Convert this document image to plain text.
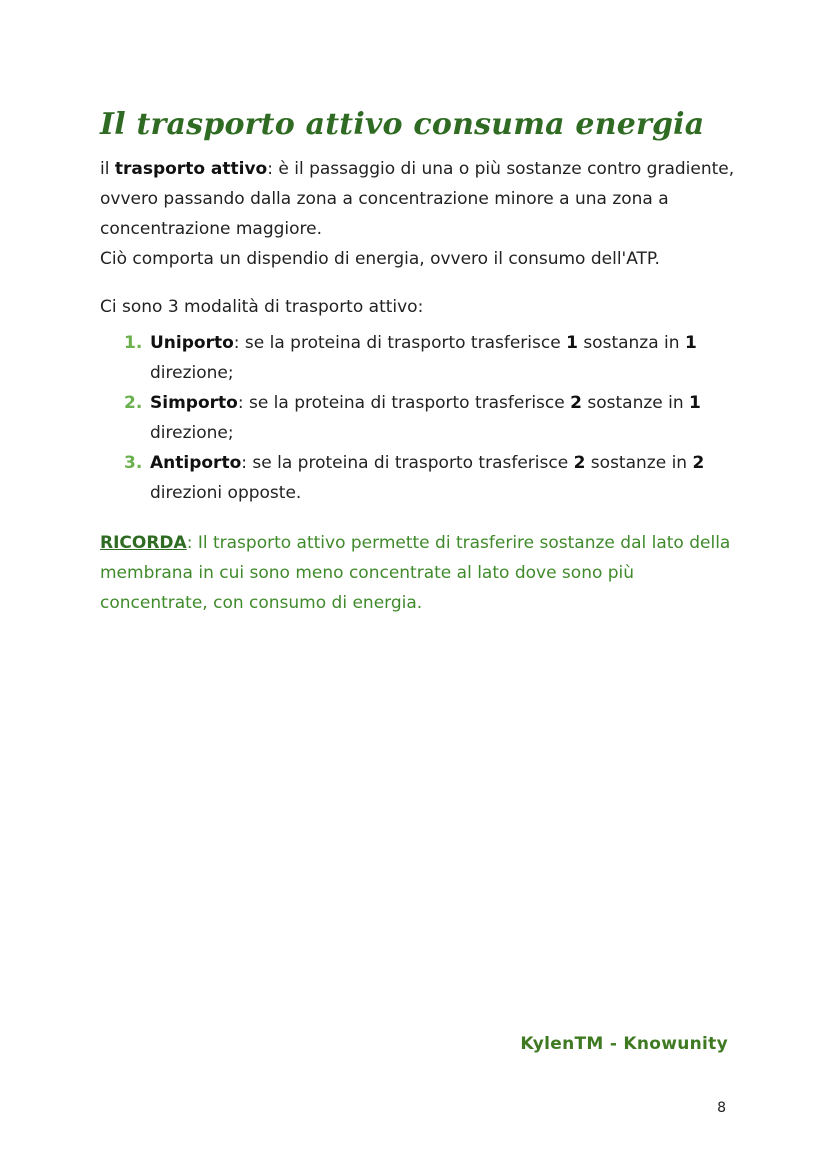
Il trasporto attivo consuma energia

il trasporto attivo: è il passaggio di una o più sostanze contro gradiente, ovvero passando dalla zona a concentrazione minore a una zona a concentrazione maggiore.
Ciò comporta un dispendio di energia, ovvero il consumo dell'ATP.

Ci sono 3 modalità di trasporto attivo:

1. Uniporto: se la proteina di trasporto trasferisce 1 sostanza in 1 direzione;
2. Simporto: se la proteina di trasporto trasferisce 2 sostanze in 1 direzione;
3. Antiporto: se la proteina di trasporto trasferisce 2 sostanze in 2 direzioni opposte.

RICORDA: Il trasporto attivo permette di trasferire sostanze dal lato della membrana in cui sono meno concentrate al lato dove sono più concentrate, con consumo di energia.

KylenTM - Knowunity
8
